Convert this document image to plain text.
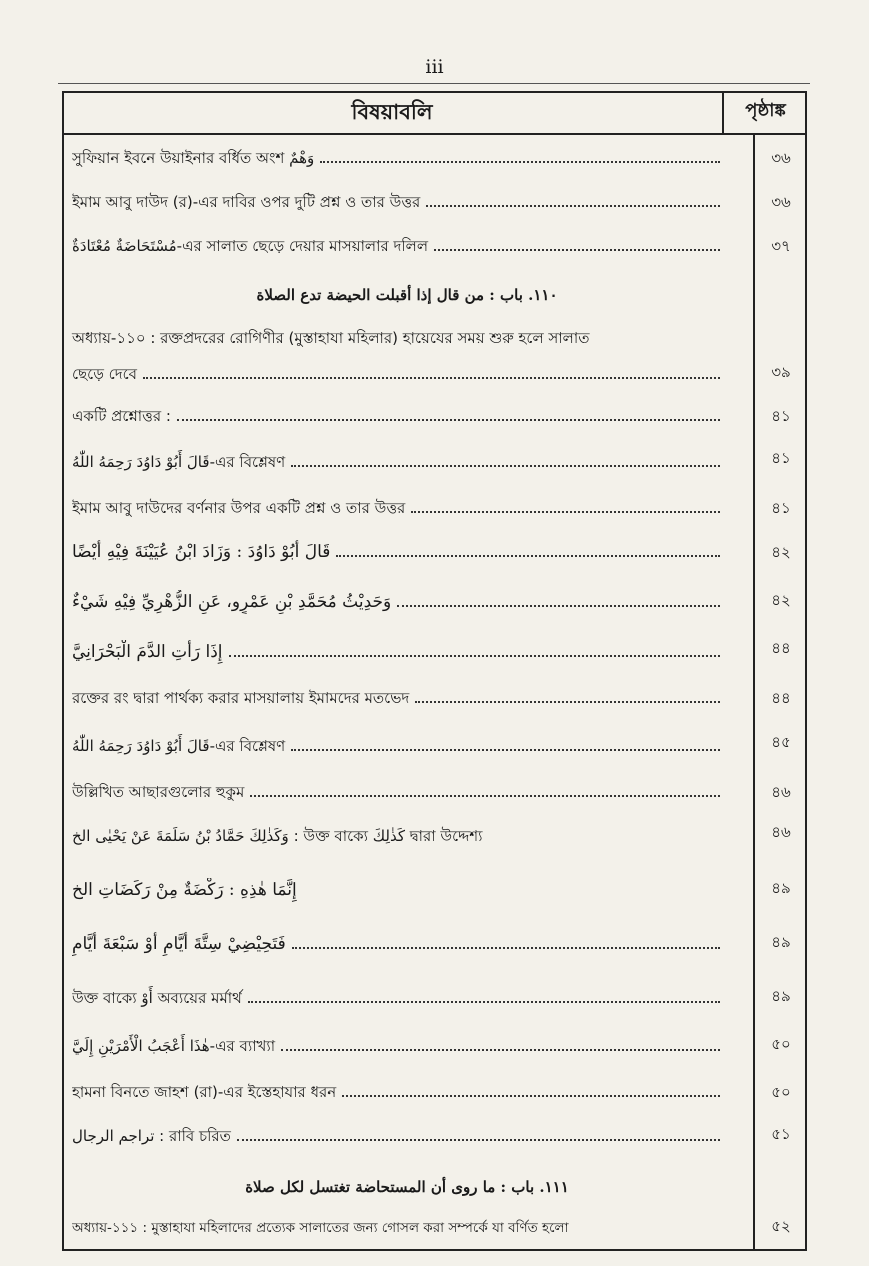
iii
বিষয়াবলি	পৃষ্ঠাঙ্ক
সুফিয়ান ইবনে উয়াইনার বর্ধিত অংশ وَهْمٌ	৩৬
ইমাম আবু দাউদ (র)-এর দাবির ওপর দুটি প্রশ্ন ও তার উত্তর	৩৬
مُسْتَحَاضَةٌ مُعْتَادَةٌ-এর সালাত ছেড়ে দেয়ার মাসয়ালার দলিল	৩৭
١١٠. باب : من قال إذا أقبلت الحيضة تدع الصلاة
অধ্যায়-১১০ : রক্তপ্রদরের রোগিণীর (মুস্তাহাযা মহিলার) হায়েযের সময় শুরু হলে সালাত
ছেড়ে দেবে	৩৯
একটি প্রশ্নোত্তর :	৪১
قَالَ أَبُوْ دَاوُدَ رَحِمَهُ اللّٰهُ-এর বিশ্লেষণ	৪১
ইমাম আবু দাউদের বর্ণনার উপর একটি প্রশ্ন ও তার উত্তর	৪১
قَالَ أَبُوْ دَاوُدَ : وَزَادَ ابْنُ عُيَيْنَةَ فِيْهِ أَيْضًا	৪২
وَحَدِيْثُ مُحَمَّدِ بْنِ عَمْرٍو، عَنِ الزُّهْرِيِّ فِيْهِ شَيْءٌ	৪২
إِذَا رَأَتِ الدَّمَ الْبَحْرَانِيَّ	৪৪
রক্তের রং দ্বারা পার্থক্য করার মাসয়ালায় ইমামদের মতভেদ	৪৪
قَالَ أَبُوْ دَاوُدَ رَحِمَهُ اللّٰهُ-এর বিশ্লেষণ	৪৫
উল্লিখিত আছারগুলোর হুকুম	৪৬
وَكَذٰلِكَ حَمَّادُ بْنُ سَلَمَةَ عَنْ يَحْيٰى الخ : উক্ত বাক্যে كَذٰلِكَ দ্বারা উদ্দেশ্য	৪৬
إِنَّمَا هٰذِهِ : رَكْضَةٌ مِنْ رَكَضَاتِ الخ	৪৯
فَتَحِيْضِيْ سِتَّةَ أَيَّامٍ أَوْ سَبْعَةَ أَيَّامٍ	৪৯
উক্ত বাক্যে أَوْ অব্যয়ের মর্মার্থ	৪৯
هٰذَا أَعْجَبُ الْأَمْرَيْنِ إِلَيَّ-এর ব্যাখ্যা	৫০
হামনা বিনতে জাহশ (রা)-এর ইস্তেহাযার ধরন	৫০
تراجم الرجال : রাবি চরিত	৫১
١١١. باب : ما روى أن المستحاضة تغتسل لكل صلاة
অধ্যায়-১১১ : মুস্তাহাযা মহিলাদের প্রত্যেক সালাতের জন্য গোসল করা সম্পর্কে যা বর্ণিত হলো	৫২
